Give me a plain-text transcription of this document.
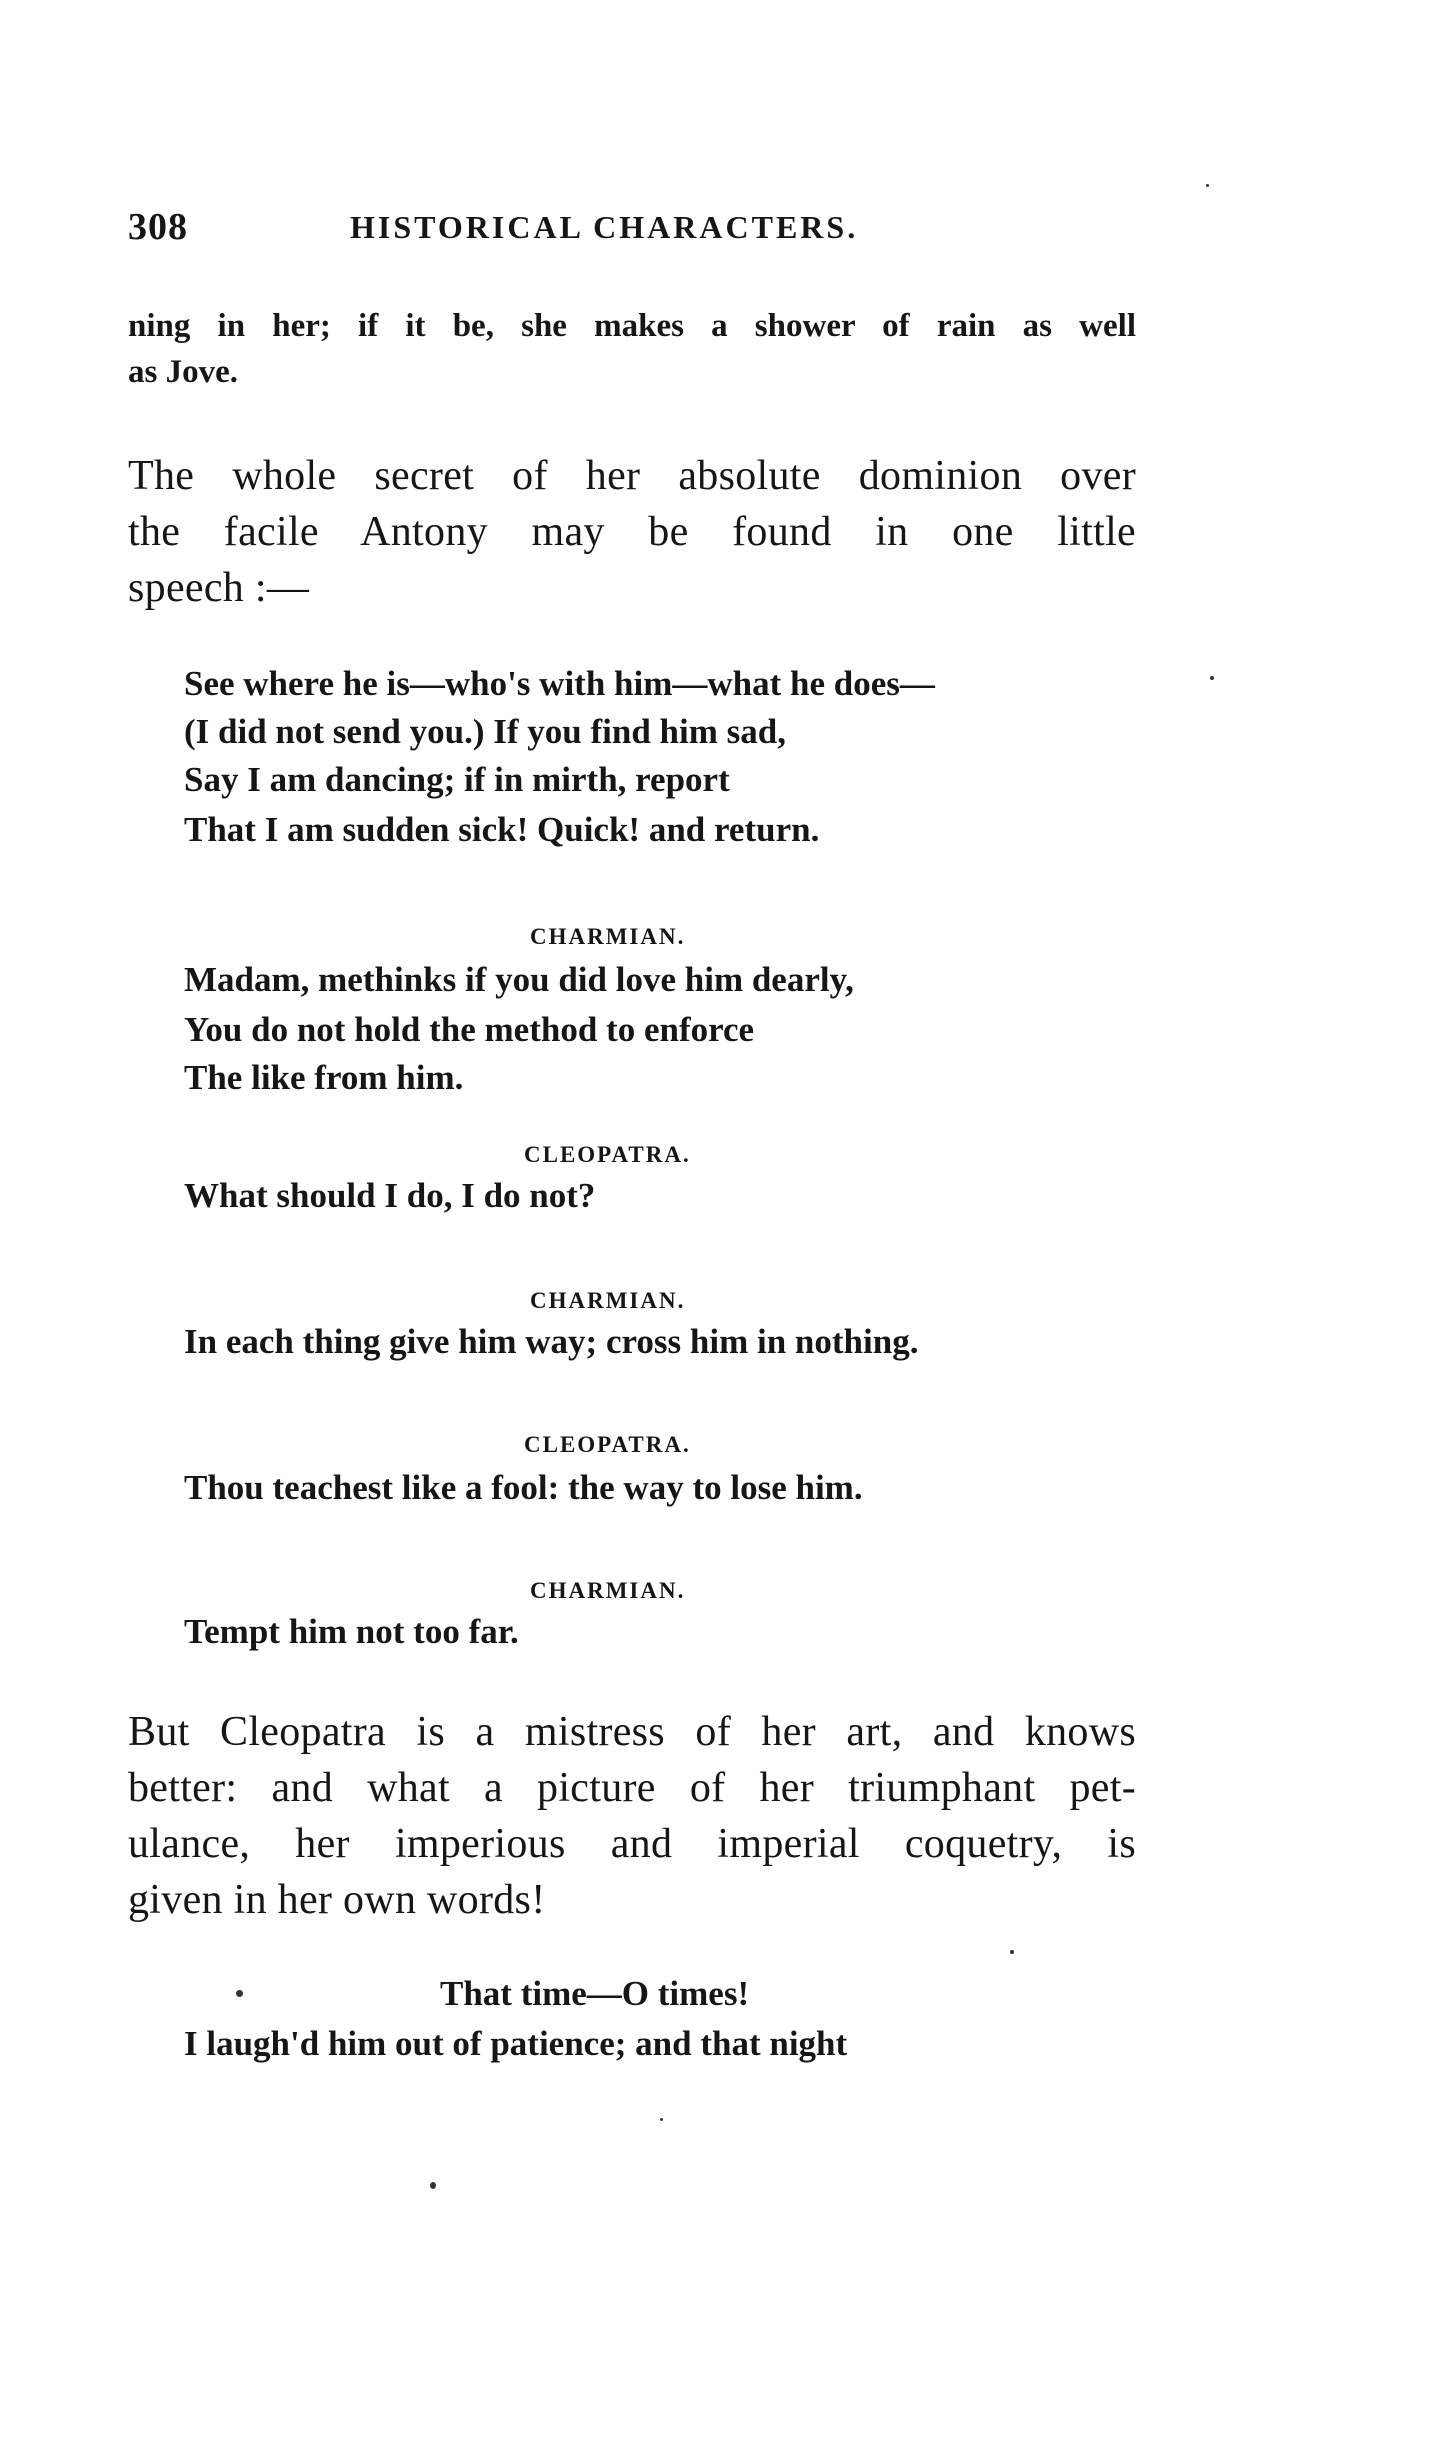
308	HISTORICAL CHARACTERS.
ning in her; if it be, she makes a shower of rain as well
as Jove.
The whole secret of her absolute dominion over
the facile Antony may be found in one little
speech :—
See where he is—who's with him—what he does—
(I did not send you.) If you find him sad,
Say I am dancing; if in mirth, report
That I am sudden sick! Quick! and return.
CHARMIAN.
Madam, methinks if you did love him dearly,
You do not hold the method to enforce
The like from him.
CLEOPATRA.
What should I do, I do not?
CHARMIAN.
In each thing give him way; cross him in nothing.
CLEOPATRA.
Thou teachest like a fool: the way to lose him.
CHARMIAN.
Tempt him not too far.
But Cleopatra is a mistress of her art, and knows
better: and what a picture of her triumphant pet-
ulance, her imperious and imperial coquetry, is
given in her own words!
That time—O times!
I laugh'd him out of patience; and that night
